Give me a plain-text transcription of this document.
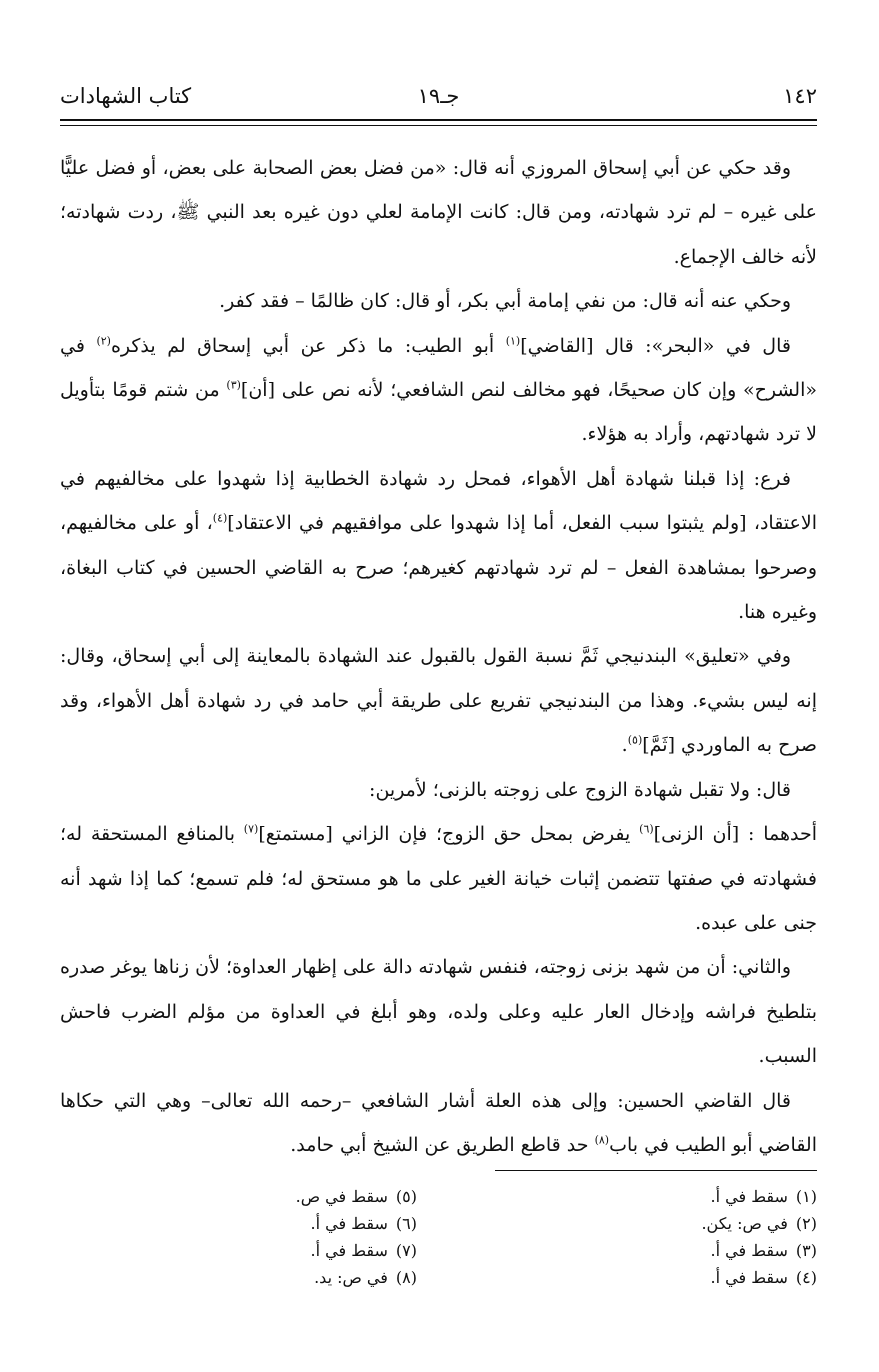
١٤٢
جـ١٩
كتاب الشهادات

وقد حكي عن أبي إسحاق المروزي أنه قال: «من فضل بعض الصحابة على بعض، أو فضل عليًّا على غيره – لم ترد شهادته، ومن قال: كانت الإمامة لعلي دون غيره بعد النبي ﷺ، ردت شهادته؛ لأنه خالف الإجماع.

وحكي عنه أنه قال: من نفي إمامة أبي بكر، أو قال: كان ظالمًا – فقد كفر.

قال في «البحر»: قال [القاضي]$^{(١)}$ أبو الطيب: ما ذكر عن أبي إسحاق لم يذكره$^{(٢)}$ في «الشرح» وإن كان صحيحًا، فهو مخالف لنص الشافعي؛ لأنه نص على [أن]$^{(٣)}$ من شتم قومًا بتأويل لا ترد شهادتهم، وأراد به هؤلاء.

فرع: إذا قبلنا شهادة أهل الأهواء، فمحل رد شهادة الخطابية إذا شهدوا على مخالفيهم في الاعتقاد، [ولم يثبتوا سبب الفعل، أما إذا شهدوا على موافقيهم في الاعتقاد]$^{(٤)}$، أو على مخالفيهم، وصرحوا بمشاهدة الفعل – لم ترد شهادتهم كغيرهم؛ صرح به القاضي الحسين في كتاب البغاة، وغيره هنا.

وفي «تعليق» البندنيجي ثَمَّ نسبة القول بالقبول عند الشهادة بالمعاينة إلى أبي إسحاق، وقال: إنه ليس بشيء. وهذا من البندنيجي تفريع على طريقة أبي حامد في رد شهادة أهل الأهواء، وقد صرح به الماوردي [ثَمَّ]$^{(٥)}$.

قال: ولا تقبل شهادة الزوج على زوجته بالزنى؛ لأمرين:

أحدهما : [أن الزنى]$^{(٦)}$ يفرض بمحل حق الزوج؛ فإن الزاني [مستمتع]$^{(٧)}$ بالمنافع المستحقة له؛ فشهادته في صفتها تتضمن إثبات خيانة الغير على ما هو مستحق له؛ فلم تسمع؛ كما إذا شهد أنه جنى على عبده.

والثاني: أن من شهد بزنى زوجته، فنفس شهادته دالة على إظهار العداوة؛ لأن زناها يوغر صدره بتلطيخ فراشه وإدخال العار عليه وعلى ولده، وهو أبلغ في العداوة من مؤلم الضرب فاحش السبب.

قال القاضي الحسين: وإلى هذه العلة أشار الشافعي –رحمه الله تعالى– وهي التي حكاها القاضي أبو الطيب في باب$^{(٨)}$ حد قاطع الطريق عن الشيخ أبي حامد.

(١)سقط في أ.
(٢)في ص: يكن.
(٣)سقط في أ.
(٤)سقط في أ.
(٥)سقط في ص.
(٦)سقط في أ.
(٧)سقط في أ.
(٨)في ص: يد.
